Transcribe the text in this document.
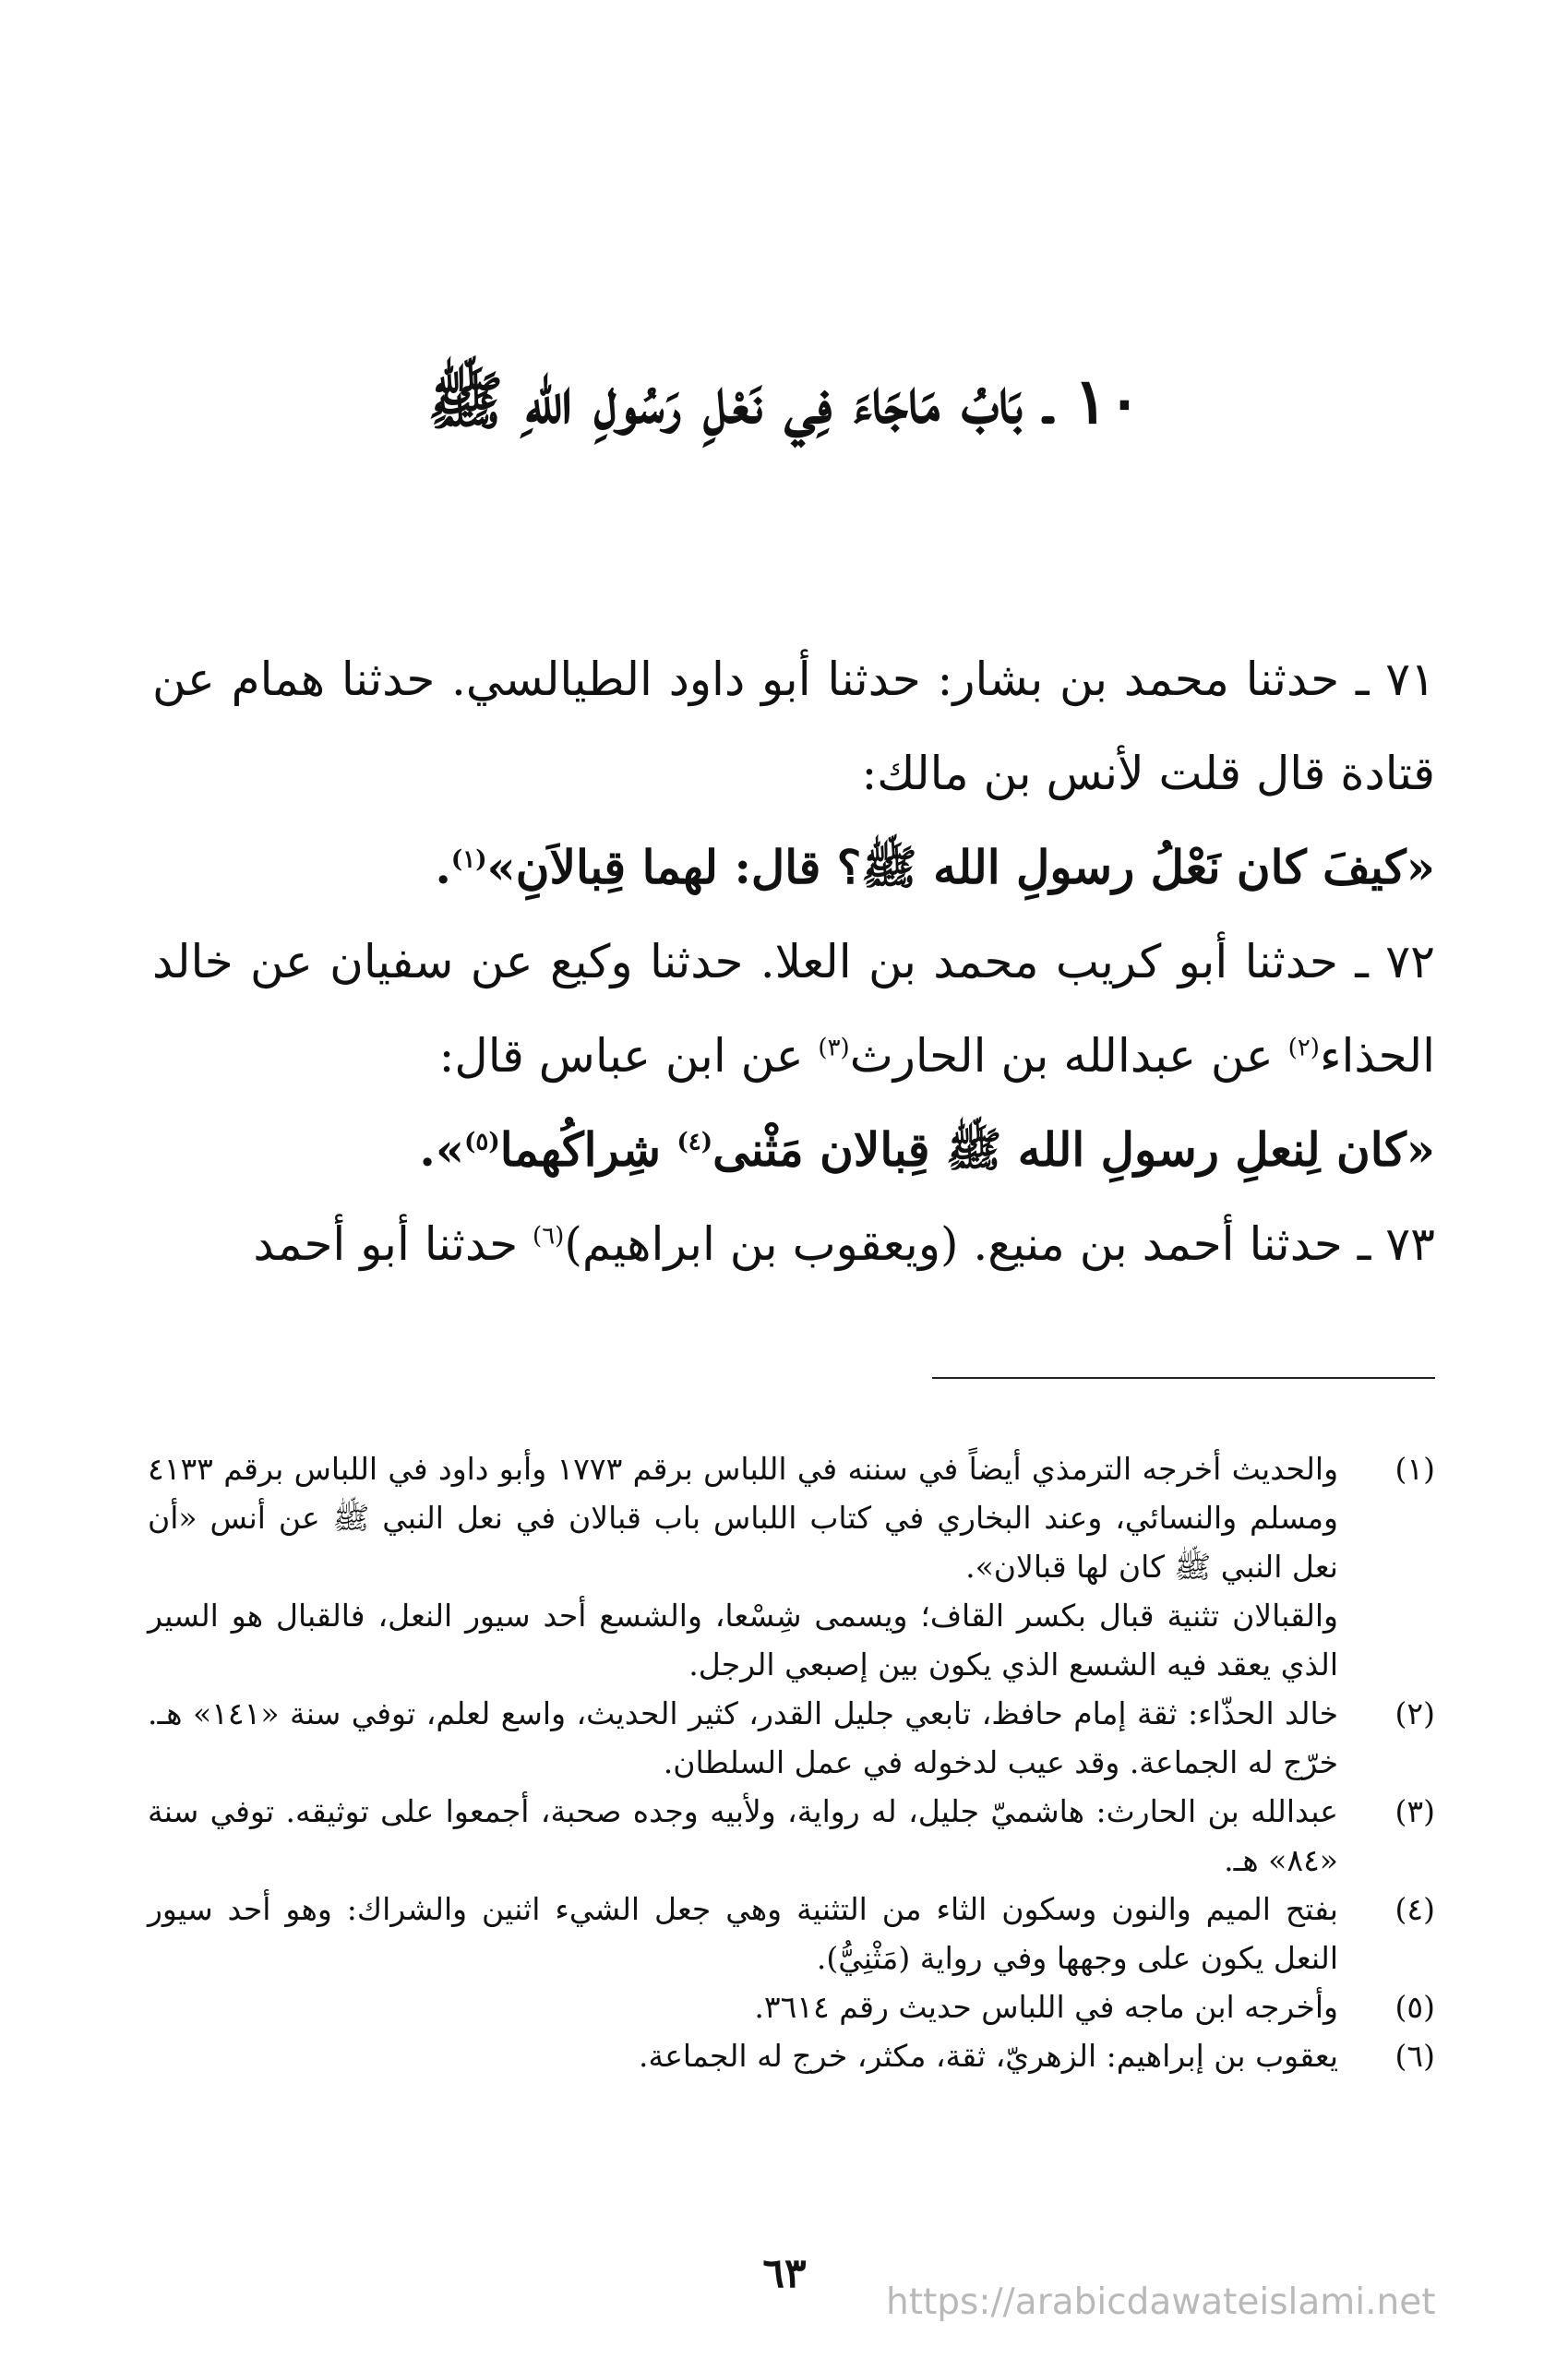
١٠ ـ بَابُ مَاجَاءَ فِي نَعْلِ رَسُولِ اللهِ ﷺ

٧١ ـ حدثنا محمد بن بشار: حدثنا أبو داود الطيالسي. حدثنا همام عن قتادة قال قلت لأنس بن مالك:

«كيفَ كان نَعْلُ رسولِ الله ﷺ؟ قال: لهما قِبالاَنِ»$^{(١)}$.

٧٢ ـ حدثنا أبو كريب محمد بن العلا. حدثنا وكيع عن سفيان عن خالد الحذاء$^{(٢)}$ عن عبدالله بن الحارث$^{(٣)}$ عن ابن عباس قال:

«كان لِنعلِ رسولِ الله ﷺ قِبالان مَثْنى$^{(٤)}$ شِراكُهما$^{(٥)}$».

٧٣ ـ حدثنا أحمد بن منيع. (ويعقوب بن ابراهيم)$^{(٦)}$ حدثنا أبو أحمد

(١)
والحديث أخرجه الترمذي أيضاً في سننه في اللباس برقم ١٧٧٣ وأبو داود في اللباس برقم ٤١٣٣ ومسلم والنسائي، وعند البخاري في كتاب اللباس باب قبالان في نعل النبي ﷺ عن أنس «أن نعل النبي ﷺ كان لها قبالان».
والقبالان تثنية قبال بكسر القاف؛ ويسمى شِسْعا، والشسع أحد سيور النعل، فالقبال هو السير الذي يعقد فيه الشسع الذي يكون بين إصبعي الرجل.
(٢)
خالد الحذّاء: ثقة إمام حافظ، تابعي جليل القدر، كثير الحديث، واسع لعلم، توفي سنة «١٤١» هـ. خرّج له الجماعة. وقد عيب لدخوله في عمل السلطان.
(٣)
عبدالله بن الحارث: هاشميّ جليل، له رواية، ولأبيه وجده صحبة، أجمعوا على توثيقه. توفي سنة «٨٤» هـ.
(٤)
بفتح الميم والنون وسكون الثاء من التثنية وهي جعل الشيء اثنين والشراك: وهو أحد سيور النعل يكون على وجهها وفي رواية (مَثْنِيُّ).
(٥)
وأخرجه ابن ماجه في اللباس حديث رقم ٣٦١٤.
(٦)
يعقوب بن إبراهيم: الزهريّ، ثقة، مكثر، خرج له الجماعة.
٦٣
https://arabicdawateislami.net
